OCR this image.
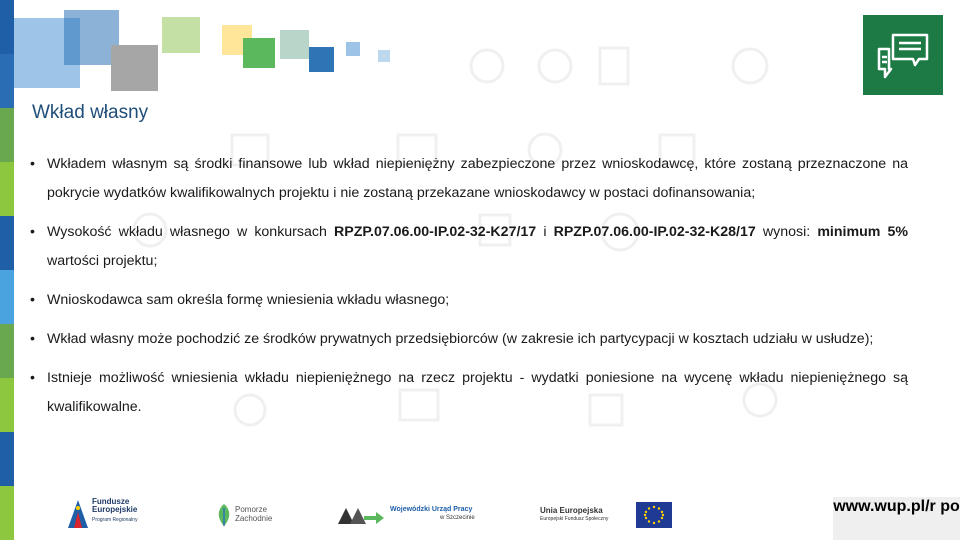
Wkład własny
• Wkładem własnym są środki finansowe lub wkład niepieniężny zabezpieczone przez wnioskodawcę, które zostaną przeznaczone na pokrycie wydatków kwalifikowalnych projektu i nie zostaną przekazane wnioskodawcy w postaci dofinansowania;
• Wysokość wkładu własnego w konkursach RPZP.07.06.00-IP.02-32-K27/17 i RPZP.07.06.00-IP.02-32-K28/17 wynosi: minimum 5% wartości projektu;
• Wnioskodawca sam określa formę wniesienia wkładu własnego;
• Wkład własny może pochodzić ze środków prywatnych przedsiębiorców (w zakresie ich partycypacji w kosztach udziału w usłudze);
• Istnieje możliwość wniesienia wkładu niepieniężnego na rzecz projektu - wydatki poniesione na wycenę wkładu niepieniężnego są kwalifikowalne.
Fundusze
Europejskie
Program Regionalny
Pomorze
Zachodnie
Wojewódzki Urząd Pracy
w Szczecinie
Unia Europejska
Europejski Fundusz Społeczny
www.wup.pl/r po
